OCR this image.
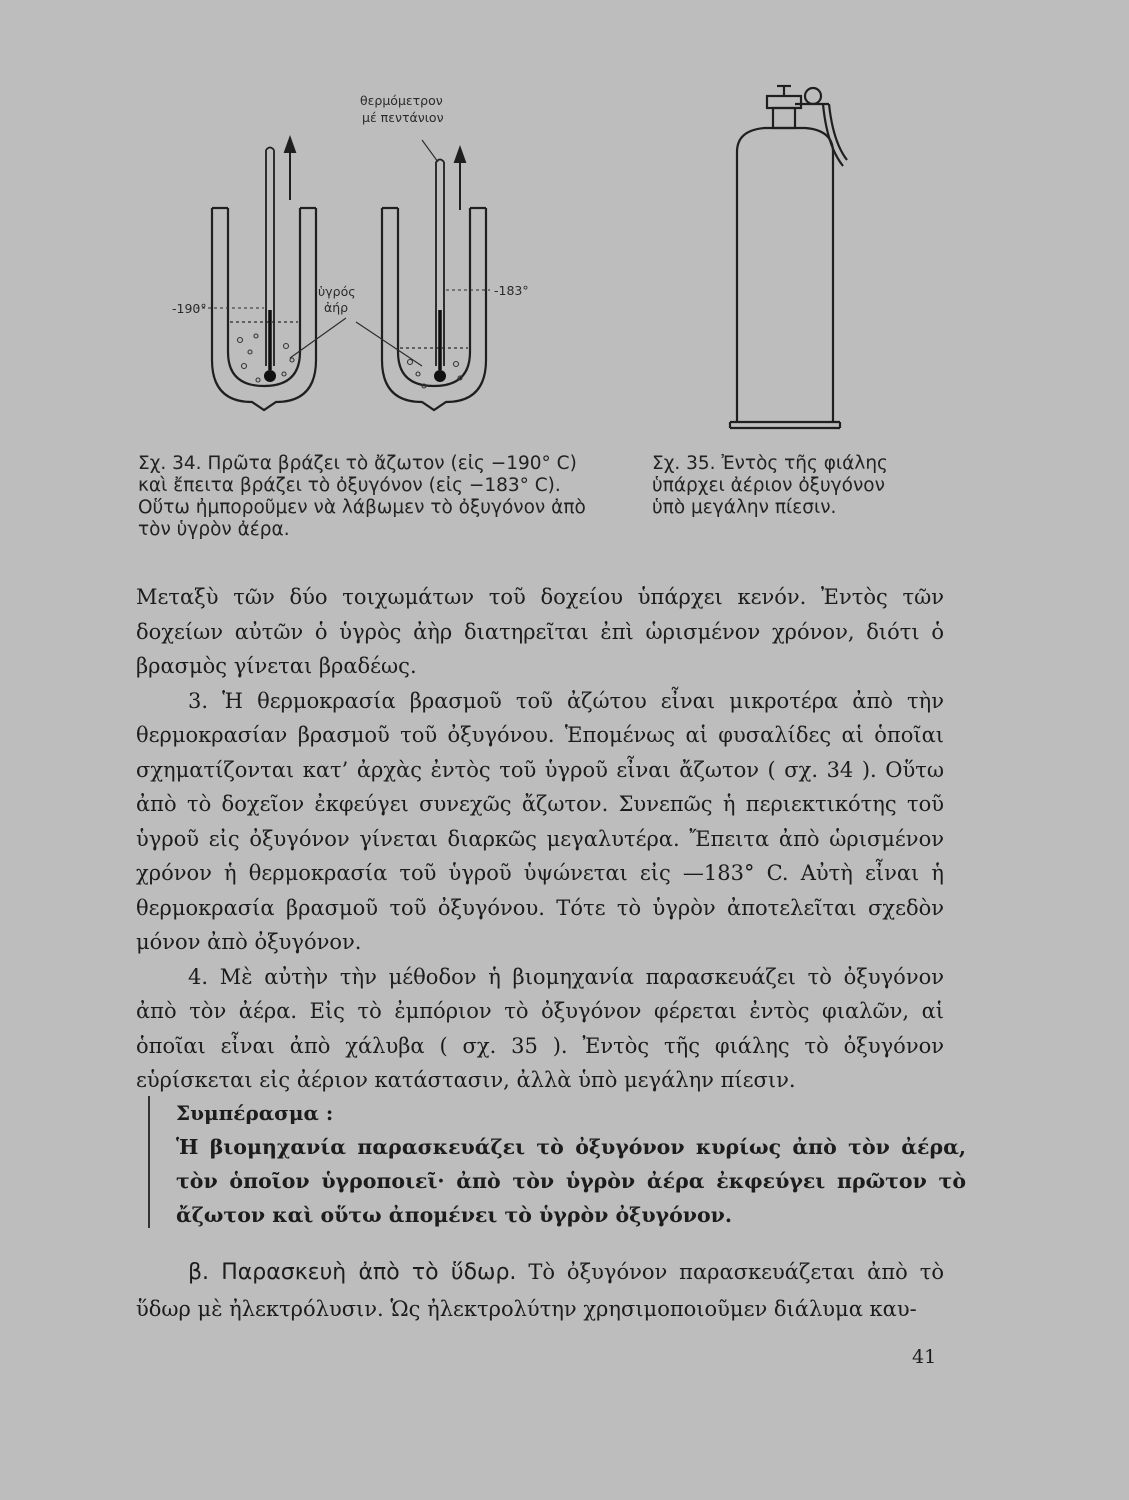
θερμόμετρον
μέ πεντάνιον
ὑγρός
ἀήρ
-190°
-183°
Σχ. 34. Πρῶτα βράζει τὸ ἄζωτον (εἰς −190° C)
καὶ ἔπειτα βράζει τὸ ὀξυγόνον (εἰς −183° C).
Οὕτω ἠμποροῦμεν νὰ λάβωμεν τὸ ὀξυγόνον ἀπὸ
τὸν ὑγρὸν ἀέρα.
Σχ. 35. Ἐντὸς τῆς φιάλης
ὑπάρχει ἀέριον ὀξυγόνον
ὑπὸ μεγάλην πίεσιν.

Μεταξὺ τῶν δύο τοιχωμάτων τοῦ δοχείου ὑπάρχει κενόν. Ἐντὸς τῶν δοχείων αὐτῶν ὁ ὑγρὸς ἀὴρ διατηρεῖται ἐπὶ ὡρισμένον χρόνον, διότι ὁ βρασμὸς γίνεται βραδέως.

3. Ἡ θερμοκρασία βρασμοῦ τοῦ ἀζώτου εἶναι μικροτέρα ἀπὸ τὴν θερμοκρασίαν βρασμοῦ τοῦ ὀξυγόνου. Ἑπομένως αἱ φυσαλίδες αἱ ὁποῖαι σχηματίζονται κατ’ ἀρχὰς ἐντὸς τοῦ ὑγροῦ εἶναι ἄζωτον ( σχ. 34 ). Οὕτω ἀπὸ τὸ δοχεῖον ἐκφεύγει συνεχῶς ἄζωτον. Συνεπῶς ἡ περιεκτικότης τοῦ ὑγροῦ εἰς ὀξυγόνον γίνεται διαρκῶς μεγαλυτέρα. Ἔπειτα ἀπὸ ὡρισμένον χρόνον ἡ θερμοκρασία τοῦ ὑγροῦ ὑψώνεται εἰς —183° C. Αὐτὴ εἶναι ἡ θερμοκρασία βρασμοῦ τοῦ ὀξυγόνου. Τότε τὸ ὑγρὸν ἀποτελεῖται σχεδὸν μόνον ἀπὸ ὀξυγόνον.

4. Μὲ αὐτὴν τὴν μέθοδον ἡ βιομηχανία παρασκευάζει τὸ ὀξυγόνον ἀπὸ τὸν ἀέρα. Εἰς τὸ ἐμπόριον τὸ ὀξυγόνον φέρεται ἐντὸς φιαλῶν, αἱ ὁποῖαι εἶναι ἀπὸ χάλυβα ( σχ. 35 ). Ἐντὸς τῆς φιάλης τὸ ὀξυγόνον εὑρίσκεται εἰς ἀέριον κατάστασιν, ἀλλὰ ὑπὸ μεγάλην πίεσιν.

Συμπέρασμα :
Ἡ βιομηχανία παρασκευάζει τὸ ὀξυγόνον κυρίως ἀπὸ τὸν ἀέρα, τὸν ὁποῖον ὑγροποιεῖ· ἀπὸ τὸν ὑγρὸν ἀέρα ἐκφεύγει πρῶτον τὸ ἄζωτον καὶ οὕτω ἀπομένει τὸ ὑγρὸν ὀξυγόνον.
β. Παρασκευὴ ἀπὸ τὸ ὕδωρ. Τὸ ὀξυγόνον παρασκευάζεται ἀπὸ τὸ ὕδωρ μὲ ἠλεκτρόλυσιν. Ὡς ἠλεκτρολύτην χρησιμοποιοῦμεν διάλυμα καυ-
41
